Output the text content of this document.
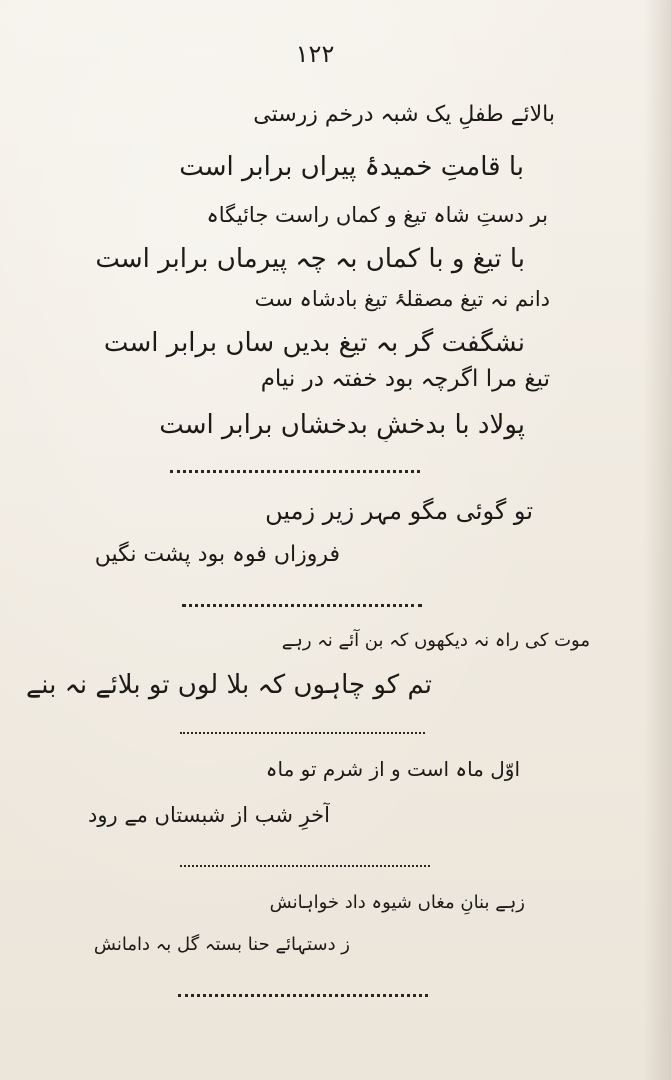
۱۲۲
بالائے طفلِ یک شبہ درخم زرستی
با قامتِ خمیدۂ پیراں برابر است
بر دستِ شاہ تیغ و کماں راست جائیگاہ
با تیغ و با کماں بہ چہ پیرماں برابر است
دانم نہ تیغ مصقلۂ تیغ بادشاہ ست
نشگفت گر بہ تیغ بدیں ساں برابر است
تیغ مرا اگرچہ بود خفتہ در نیام
پولاد با بدخشِ بدخشاں برابر است
تو گوئی مگو مہر زیر زمیں
فروزاں فوہ بود پشت نگیں
موت کی راہ نہ دیکھوں کہ بن آئے نہ رہے
تم کو چاہوں کہ بلا لوں تو بلائے نہ بنے
اوّل ماہ است و از شرم تو ماہ
آخرِ شب از شبستاں مے رود
زہے بنانِ مغاں شیوہ داد خواہانش
ز دستہائے حنا بستہ گل بہ دامانش
